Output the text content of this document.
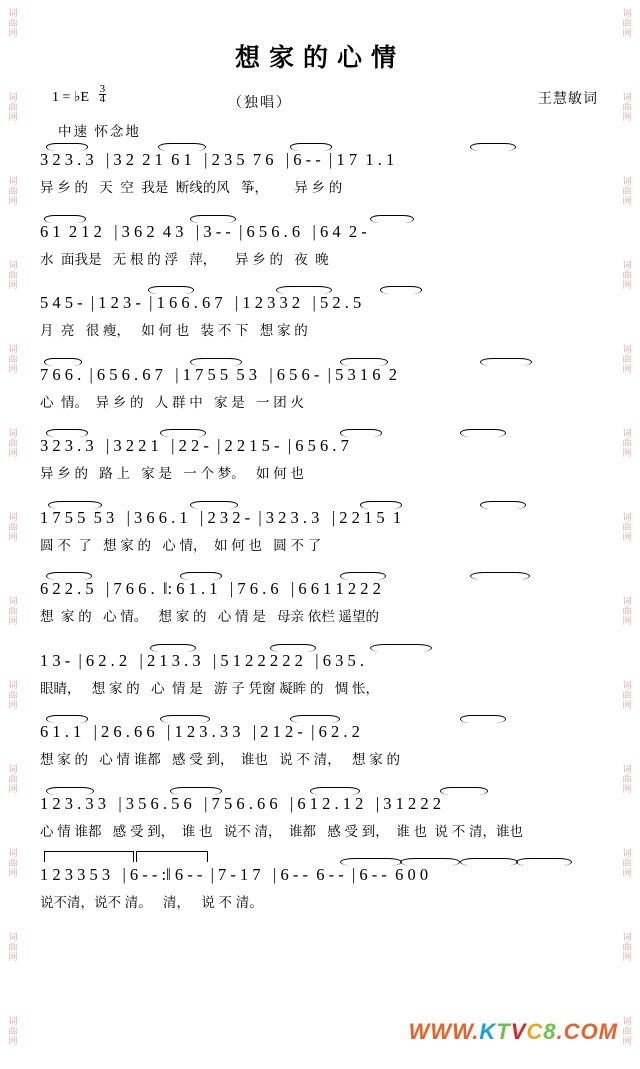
词
曲
网
词
曲
网
词
曲
网
词
曲
网
词
曲
网
词
曲
网
词
曲
网
词
曲
网
词
曲
网
词
曲
网
词
曲
网
词
曲
网
词
曲
网
词
曲
网
词
曲
网
词
曲
网
词
曲
网
词
曲
网
词
曲
网
词
曲
网
词
曲
网
词
曲
网
词
曲
网
词
曲
网
词
曲
网
词
曲
网
想家的心情
1 = ♭E $\frac{3}{4}$	（独唱）	王慧敏词
中速 怀念地
3 2 3 . 3   | 3 2  2 1  6 1   | 2 3 5  7 6   | 6 - -  | 1 7  1 . 1
异 乡 的   天  空  我是  断线的风   筝，       异 乡 的
6 1  2 1 2   | 3 6 2  4 3   | 3 - -  | 6 5 6 . 6   | 6 4  2 -
水  面我是   无 根 的 浮   萍，     异 乡 的   夜  晚
5 4 5 -  | 1 2 3 -  | 1 6 6 . 6 7   | 1 2 3 3 2   | 5 2 . 5
月  亮   很 瘦，   如 何 也   装 不 下   想 家 的
7 6 6 .  | 6 5 6 . 6 7   | 1 7 5 5  5 3   | 6 5 6 -  | 5 3 1 6  2
心  情。  异 乡 的   人 群 中   家 是   一 团 火
3 2 3 . 3   | 3 2 2 1   | 2 2 -  | 2 2 1 5 -  | 6 5 6 . 7
异 乡 的   路 上   家 是   一 个 梦。   如 何 也
1 7 5 5  5 3   | 3 6 6 . 1   | 2 3 2 -  | 3 2 3 . 3   | 2 2 1 5  1
圆 不  了   想 家 的   心 情，  如 何 也   圆 不 了
6 2 2 . 5   | 7 6 6 .  ‖: 6 1 . 1   | 7 6 . 6   | 6 6 1 1 2 2 2
想  家 的   心 情。   想 家 的   心 情 是   母亲 依栏 遥望的
1 3 -  | 6 2 . 2   | 2 1 3 . 3   | 5 1 2 2 2 2 2   | 6 3 5 .
眼睛，   想 家 的   心  情 是   游 子 凭窗 凝眸 的   惆 怅，
6 1 . 1   | 2 6 . 6 6   | 1 2 3 . 3 3   | 2 1 2 -  | 6 2 . 2
想 家 的   心 情 谁都   感 受 到，  谁也   说 不 清，   想 家 的
1 2 3 . 3 3   | 3 5 6 . 5 6   | 7 5 6 . 6 6   | 6 1 2 . 1 2   | 3 1 2 2 2
心 情 谁都   感 受 到，  谁 也   说不 清，  谁都   感 受 到，  谁 也  说 不 清，谁也
1 2 3 3 5 3   | 6 - - :‖ 6 - -  | 7 - 1 7   | 6 - -  6 - -  | 6 - -  6 0 0
说不清，说不 清。   清，   说 不 清。
WWW.KTVC8.COM
